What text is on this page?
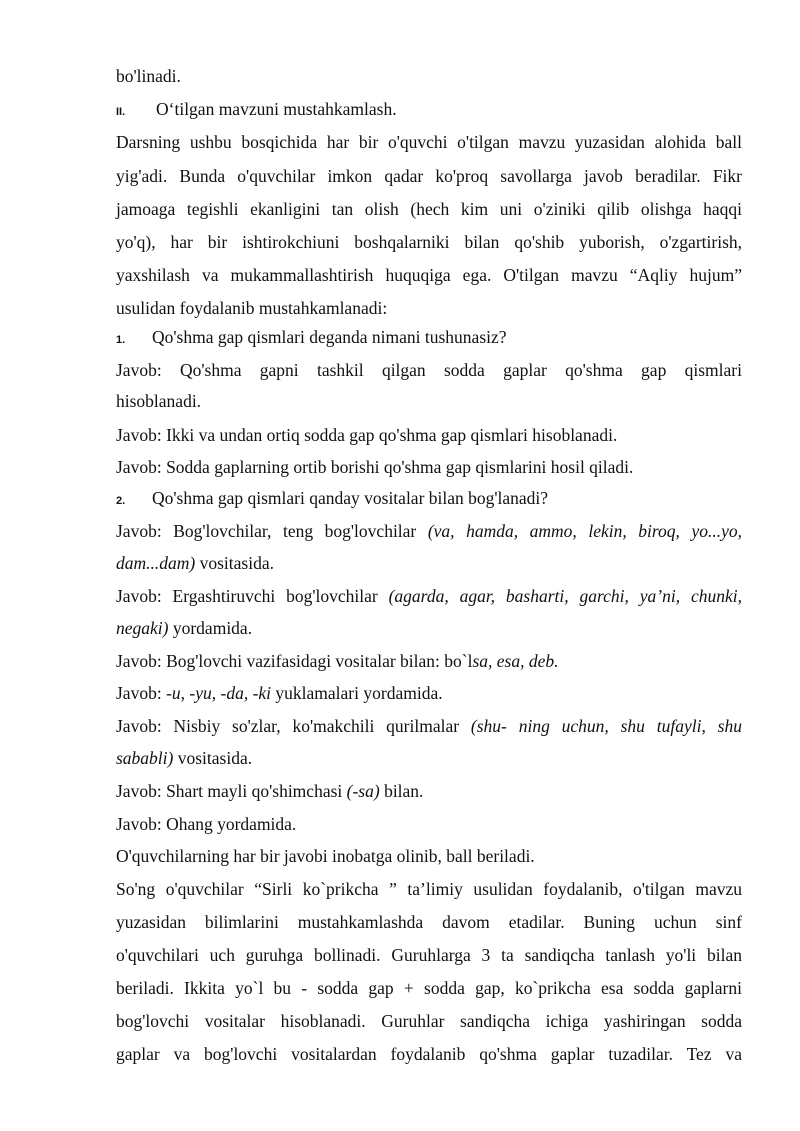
bo'linadi.
II. O‘tilgan mavzuni mustahkamlash.
Darsning ushbu bosqichida har bir o'quvchi o'tilgan mavzu yuzasidan alohida ball
yig'adi. Bunda o'quvchilar imkon qadar ko'proq savollarga javob beradilar. Fikr
jamoaga tegishli ekanligini tan olish (hech kim uni o'ziniki qilib olishga haqqi
yo'q), har bir ishtirokchiuni boshqalarniki bilan qo'shib yuborish, o'zgartirish,
yaxshilash va mukammallashtirish huquqiga ega. O'tilgan mavzu “Aqliy hujum”
usulidan foydalanib mustahkamlanadi:
1. Qo'shma gap qismlari deganda nimani tushunasiz?
Javob: Qo'shma gapni tashkil qilgan sodda gaplar qo'shma gap qismlari
hisoblanadi.
Javob: Ikki va undan ortiq sodda gap qo'shma gap qismlari hisoblanadi.
Javob: Sodda gaplarning ortib borishi qo'shma gap qismlarini hosil qiladi.
2. Qo'shma gap qismlari qanday vositalar bilan bog'lanadi?
Javob: Bog'lovchilar, teng bog'lovchilar (va, hamda, ammo, lekin, biroq, yo...yo,
dam...dam) vositasida.
Javob: Ergashtiruvchi bog'lovchilar (agarda, agar, basharti, garchi, ya’ni, chunki,
negaki) yordamida.
Javob: Bog'lovchi vazifasidagi vositalar bilan: bo`lsa, esa, deb.
Javob: -u, -yu, -da, -ki yuklamalari yordamida.
Javob: Nisbiy so'zlar, ko'makchili qurilmalar (shu- ning uchun, shu tufayli, shu
sababli) vositasida.
Javob: Shart mayli qo'shimchasi (-sa) bilan.
Javob: Ohang yordamida.
O'quvchilarning har bir javobi inobatga olinib, ball beriladi.
So'ng o'quvchilar “Sirli ko`prikcha ” ta’limiy usulidan foydalanib, o'tilgan mavzu
yuzasidan bilimlarini mustahkamlashda davom etadilar. Buning uchun sinf
o'quvchilari uch guruhga bollinadi. Guruhlarga 3 ta sandiqcha tanlash yo'li bilan
beriladi. Ikkita yo`l bu - sodda gap + sodda gap, ko`prikcha esa sodda gaplarni
bog'lovchi vositalar hisoblanadi. Guruhlar sandiqcha ichiga yashiringan sodda
gaplar va bog'lovchi vositalardan foydalanib qo'shma gaplar tuzadilar. Tez va
